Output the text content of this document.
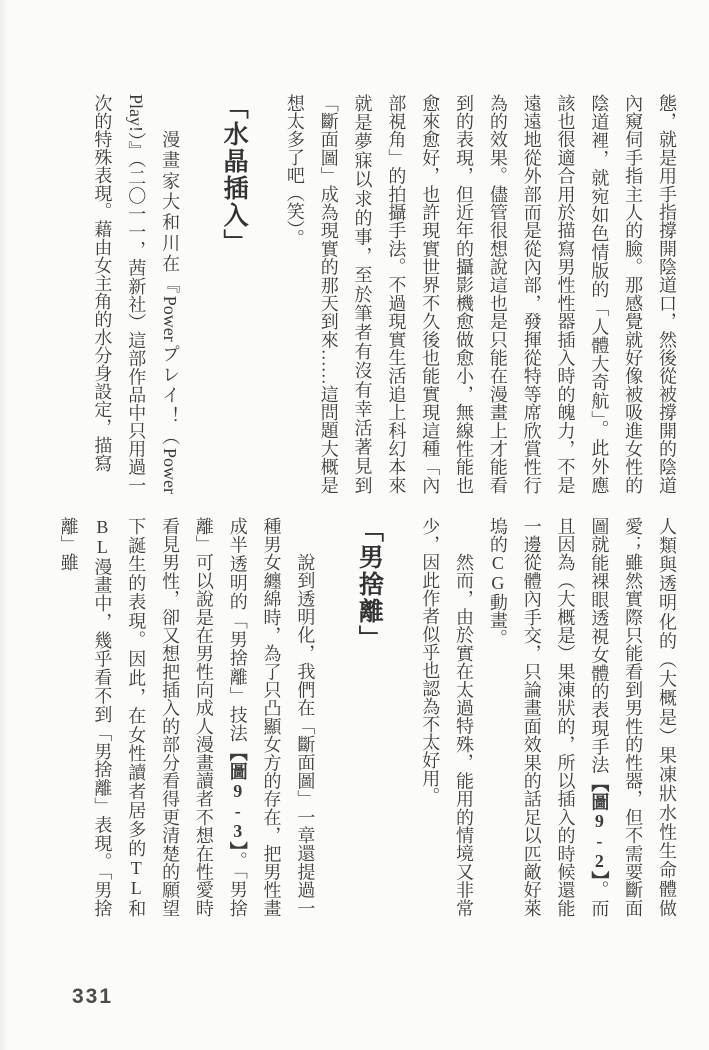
態，就是用手指撐開陰道口，然後從被撐開的陰道內窺伺手指主人的臉。那感覺就好像被吸進女性的陰道裡，就宛如色情版的「人體大奇航」。此外應該也很適合用於描寫男性性器插入時的魄力，不是遠遠地從外部而是從內部，發揮從特等席欣賞性行為的效果。儘管很想說這也是只能在漫畫上才能看到的表現，但近年的攝影機愈做愈小，無線性能也愈來愈好，也許現實世界不久後也能實現這種「內部視角」的拍攝手法。不過現實生活追上科幻本來就是夢寐以求的事，至於筆者有沒有幸活著見到「斷面圖」成為現實的那天到來……這問題大概是想太多了吧（笑）。

「水晶插入」

漫畫家大和川在『Powerプレイ！（Power Play!）』（二〇一一，茜新社）這部作品中只用過一次的特殊表現。藉由女主角的水分身設定，描寫

人類與透明化的（大概是）果凍狀水性生命體做愛；雖然實際只能看到男性的性器，但不需要斷面圖就能裸眼透視女體的表現手法【圖9-2】。而且因為（大概是）果凍狀的，所以插入的時候還能一邊從體內手交，只論畫面效果的話足以匹敵好萊塢的CG動畫。

然而，由於實在太過特殊，能用的情境又非常少，因此作者似乎也認為不太好用。

「男捨離」

說到透明化，我們在「斷面圖」一章還提過一種男女纏綿時，為了只凸顯女方的存在，把男性畫成半透明的「男捨離」技法【圖9-3】。「男捨離」可以說是在男性向成人漫畫讀者不想在性愛時看見男性，卻又想把插入的部分看得更清楚的願望下誕生的表現。因此，在女性讀者居多的TL和BL漫畫中，幾乎看不到「男捨離」表現。「男捨離」雖

331
